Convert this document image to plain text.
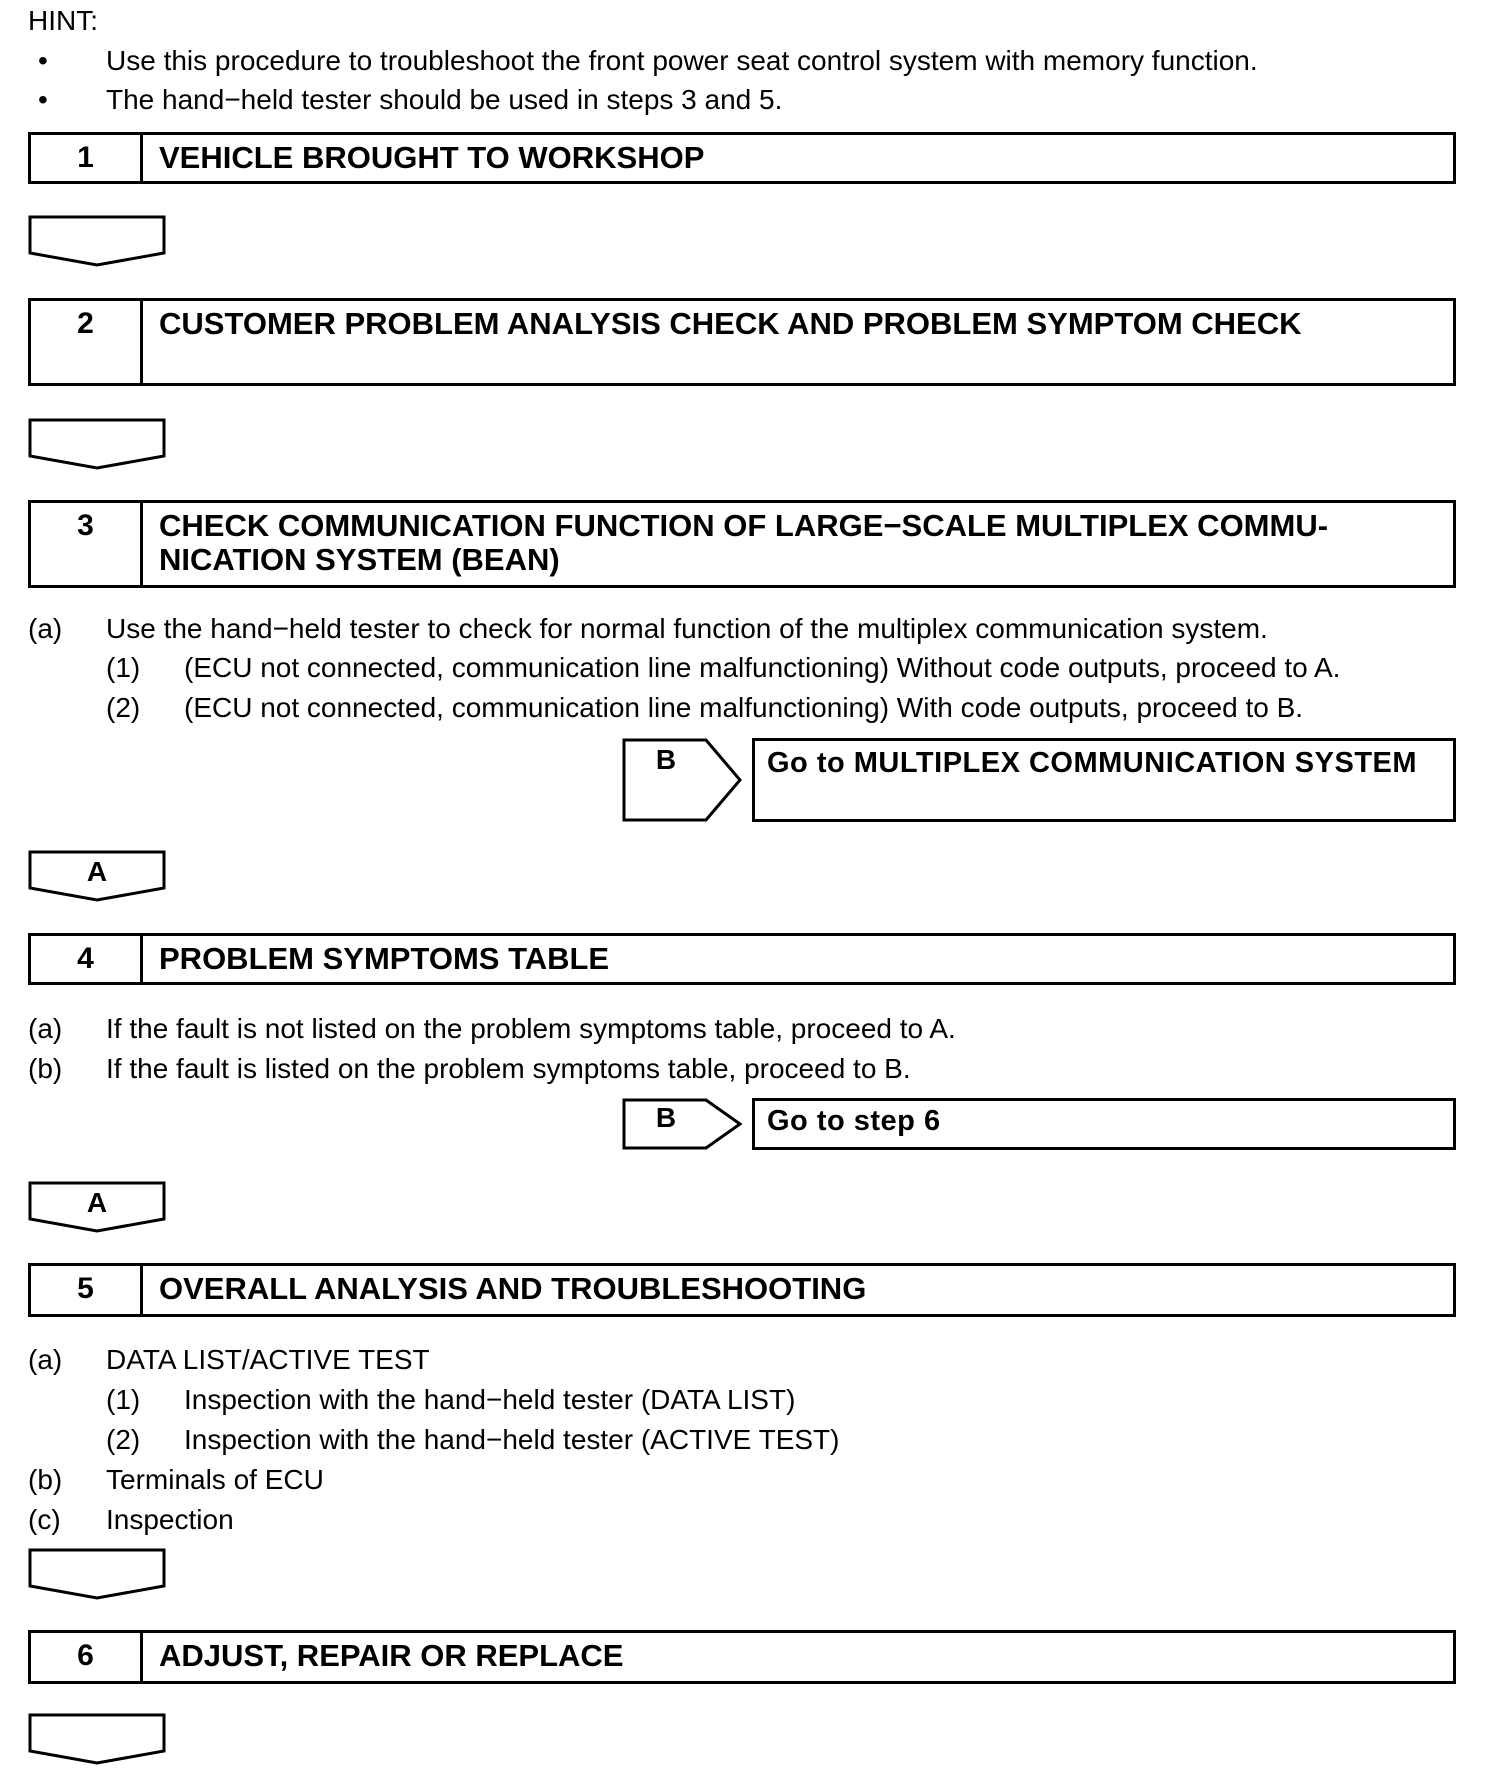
HINT:
• Use this procedure to troubleshoot the front power seat control system with memory function.
• The hand−held tester should be used in steps 3 and 5.
1	VEHICLE BROUGHT TO WORKSHOP
2	CUSTOMER PROBLEM ANALYSIS CHECK AND PROBLEM SYMPTOM CHECK
3	CHECK COMMUNICATION FUNCTION OF LARGE−SCALE MULTIPLEX COMMU-
NICATION SYSTEM (BEAN)
(a) Use the hand−held tester to check for normal function of the multiplex communication system.
(1) (ECU not connected, communication line malfunctioning) Without code outputs, proceed to A.
(2) (ECU not connected, communication line malfunctioning) With code outputs, proceed to B.
B	Go to MULTIPLEX COMMUNICATION SYSTEM
A
4	PROBLEM SYMPTOMS TABLE
(a) If the fault is not listed on the problem symptoms table, proceed to A.
(b) If the fault is listed on the problem symptoms table, proceed to B.
B	Go to step 6
A
5	OVERALL ANALYSIS AND TROUBLESHOOTING
(a) DATA LIST/ACTIVE TEST
(1) Inspection with the hand−held tester (DATA LIST)
(2) Inspection with the hand−held tester (ACTIVE TEST)
(b) Terminals of ECU
(c) Inspection
6	ADJUST, REPAIR OR REPLACE
